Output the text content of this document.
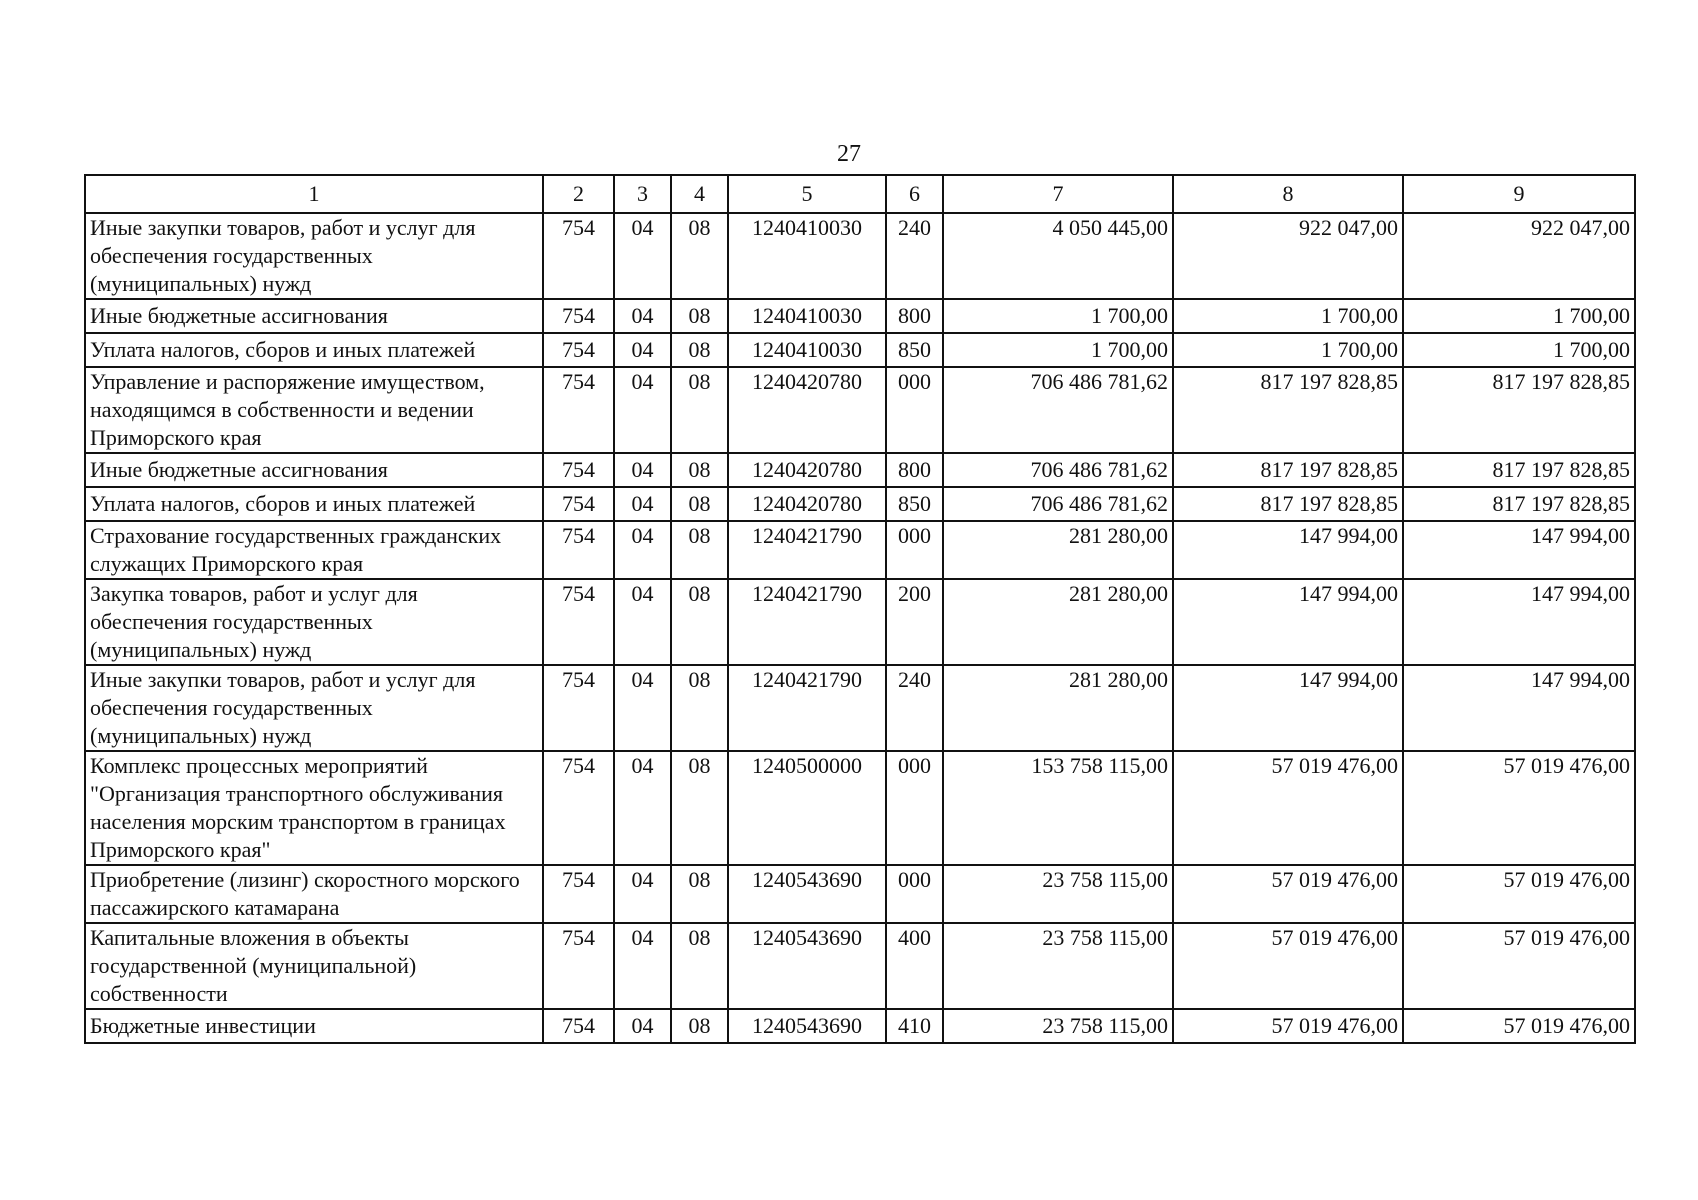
27
1	2	3	4	5	6	7	8	9
Иные закупки товаров, работ и услуг для обеспечения государственных (муниципальных) нужд	754	04	08	1240410030	240	4 050 445,00	922 047,00	922 047,00
Иные бюджетные ассигнования	754	04	08	1240410030	800	1 700,00	1 700,00	1 700,00
Уплата налогов, сборов и иных платежей	754	04	08	1240410030	850	1 700,00	1 700,00	1 700,00
Управление и распоряжение имуществом, находящимся в собственности и ведении Приморского края	754	04	08	1240420780	000	706 486 781,62	817 197 828,85	817 197 828,85
Иные бюджетные ассигнования	754	04	08	1240420780	800	706 486 781,62	817 197 828,85	817 197 828,85
Уплата налогов, сборов и иных платежей	754	04	08	1240420780	850	706 486 781,62	817 197 828,85	817 197 828,85
Страхование государственных гражданских служащих Приморского края	754	04	08	1240421790	000	281 280,00	147 994,00	147 994,00
Закупка товаров, работ и услуг для обеспечения государственных (муниципальных) нужд	754	04	08	1240421790	200	281 280,00	147 994,00	147 994,00
Иные закупки товаров, работ и услуг для обеспечения государственных (муниципальных) нужд	754	04	08	1240421790	240	281 280,00	147 994,00	147 994,00
Комплекс процессных мероприятий "Организация транспортного обслуживания населения морским транспортом в границах Приморского края"	754	04	08	1240500000	000	153 758 115,00	57 019 476,00	57 019 476,00
Приобретение (лизинг) скоростного морского пассажирского катамарана	754	04	08	1240543690	000	23 758 115,00	57 019 476,00	57 019 476,00
Капитальные вложения в объекты государственной (муниципальной) собственности	754	04	08	1240543690	400	23 758 115,00	57 019 476,00	57 019 476,00
Бюджетные инвестиции	754	04	08	1240543690	410	23 758 115,00	57 019 476,00	57 019 476,00
